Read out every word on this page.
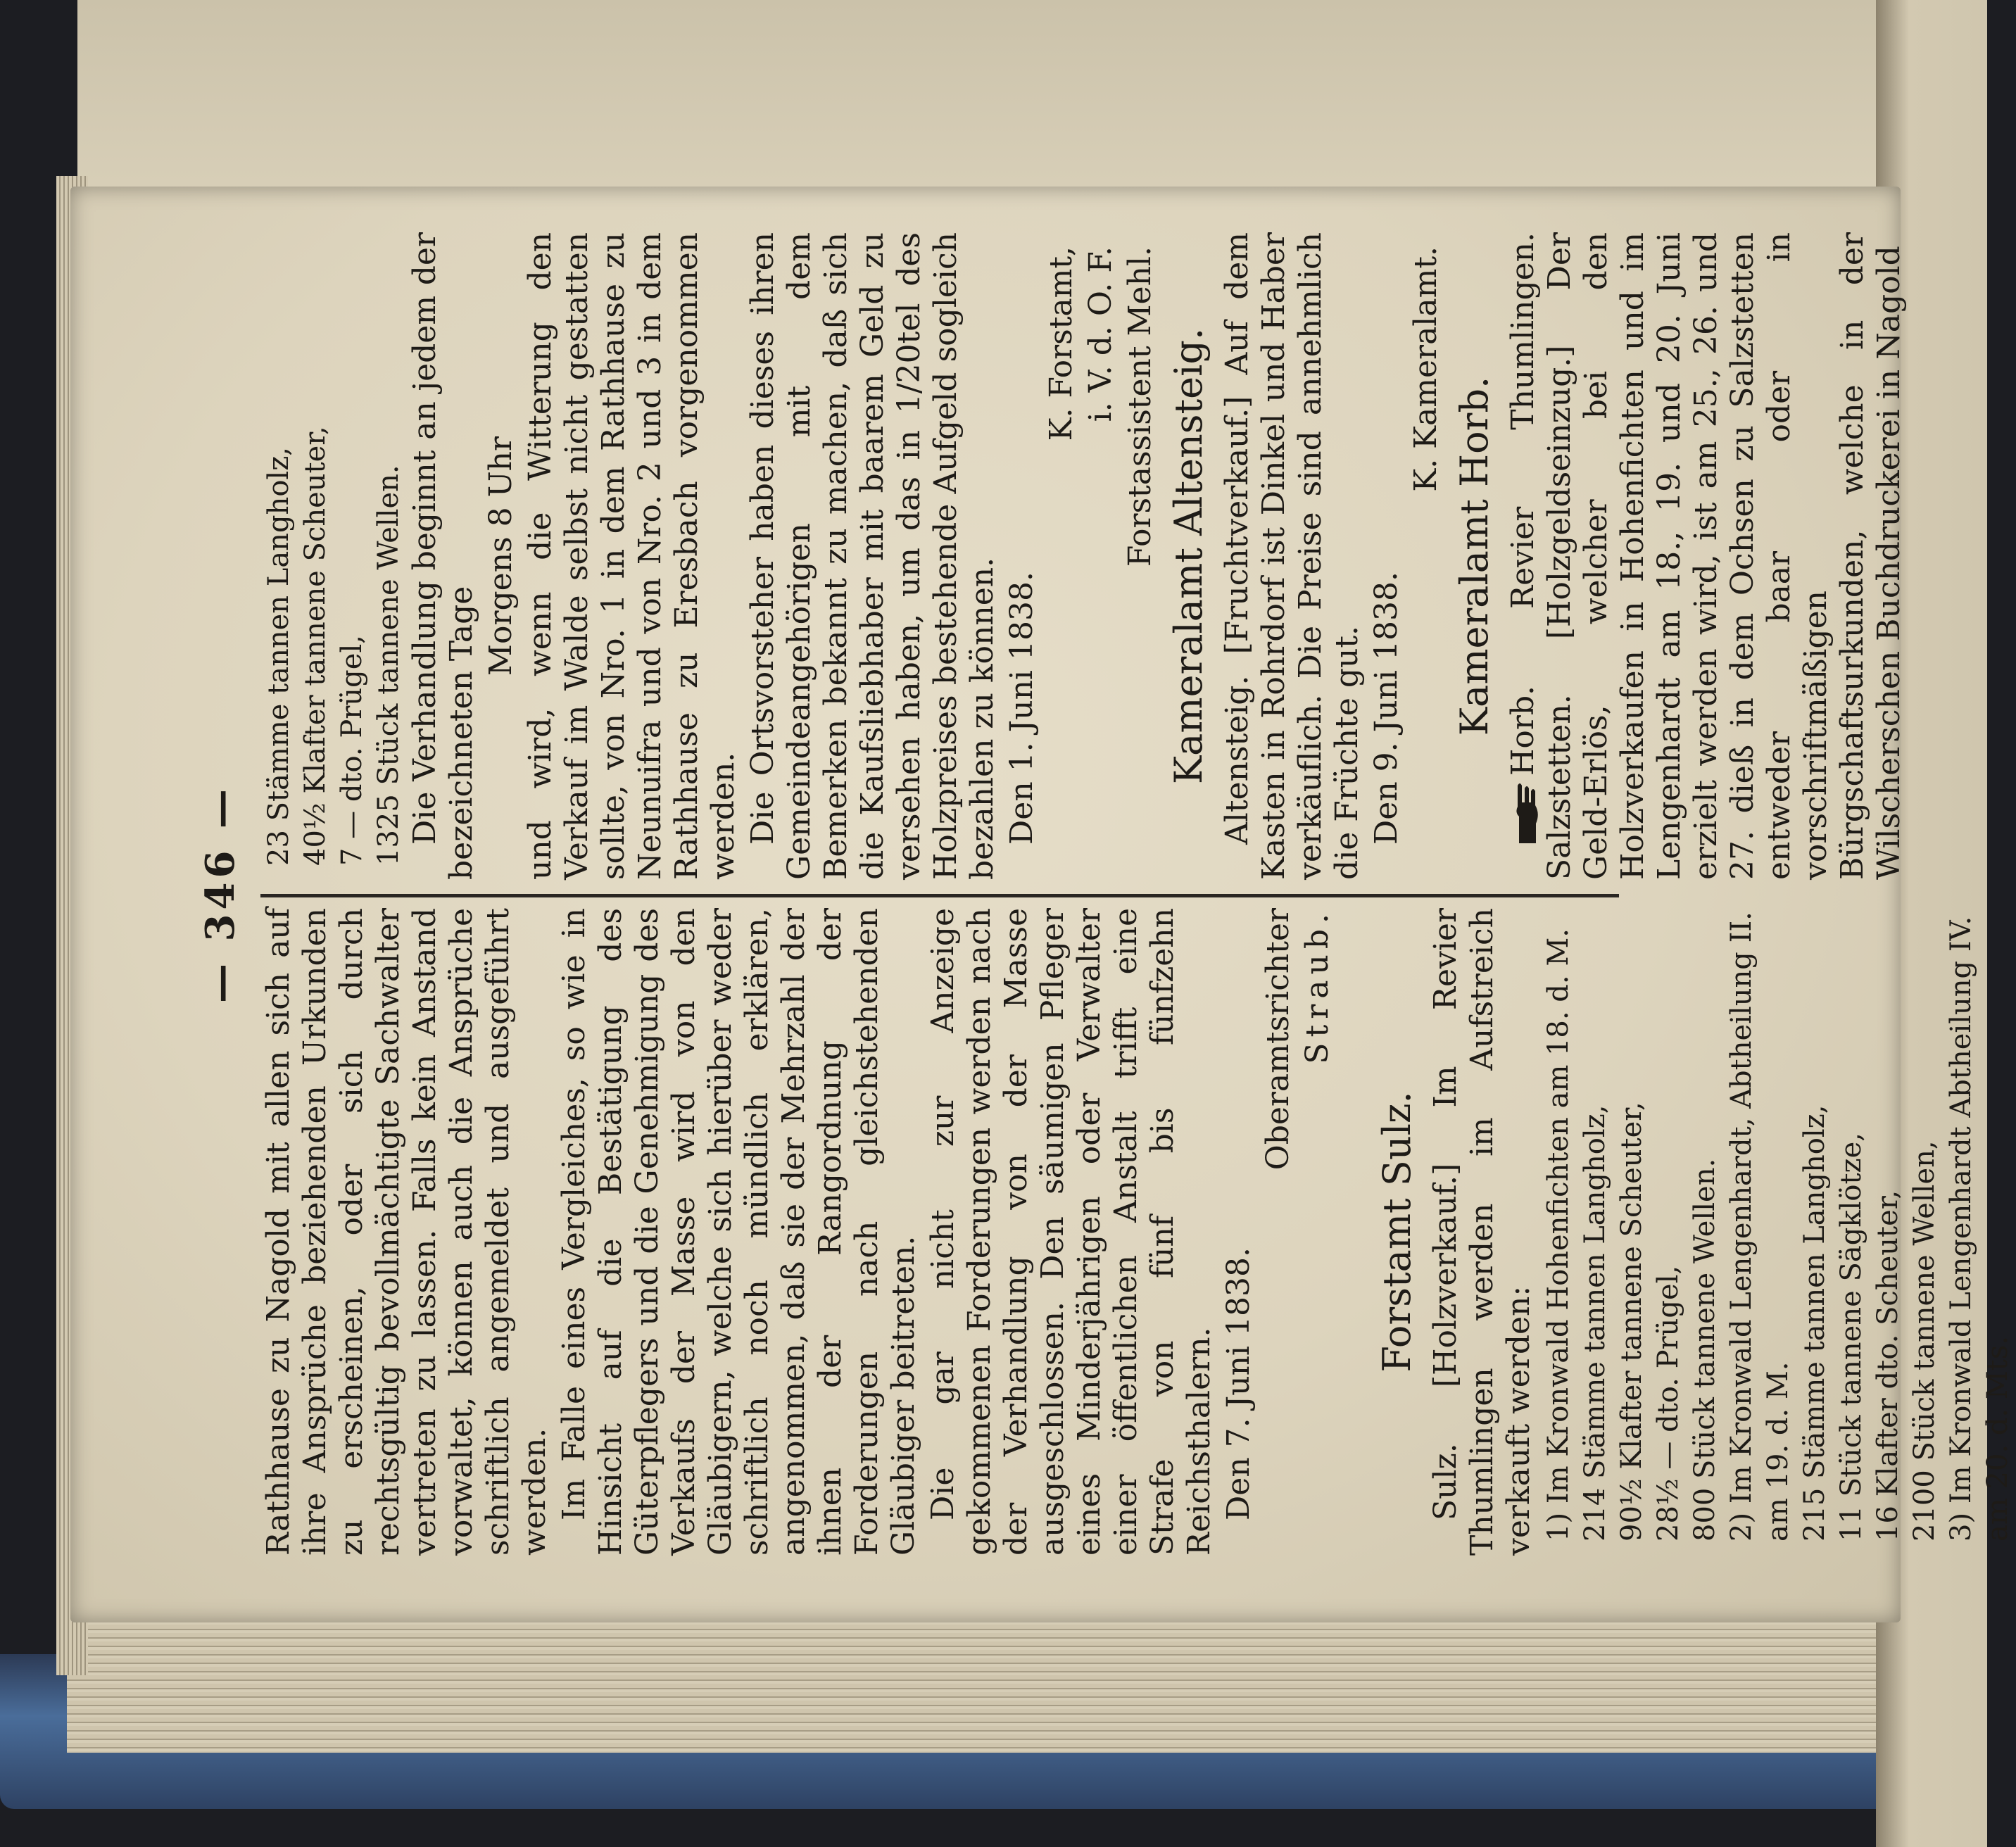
— 346 —

Rathhause zu Nagold mit allen sich auf ihre Ansprüche beziehenden Urkunden zu erscheinen, oder sich durch rechtsgültig bevollmächtigte Sachwalter vertreten zu lassen. Falls kein Anstand vorwaltet, können auch die Ansprüche schriftlich angemeldet und ausgeführt werden. Im Falle eines Vergleiches, so wie in Hinsicht auf die Bestätigung des Güterpflegers und die Genehmigung des Verkaufs der Masse wird von den Gläubigern, welche sich hierüber weder schriftlich noch mündlich erklären, angenommen, daß sie der Mehrzahl der ihnen der Rangordnung der Forderungen nach gleichstehenden Gläubiger beitreten. Die gar nicht zur Anzeige gekommenen Forderungen werden nach der Verhandlung von der Masse ausgeschlossen. Den säumigen Pfleger eines Minderjährigen oder Verwalter einer öffentlichen Anstalt trifft eine Strafe von fünf bis fünfzehn Reichsthalern. Den 7. Juni 1838.

Oberamtsrichter Straub.

Forstamt Sulz. Sulz. [Holzverkauf.] Im Revier Thumlingen werden im Aufstreich verkauft werden: 1) Im Kronwald Hohenfichten am 18. d. M. 214 Stämme tannen Langholz, 90½ Klafter tannene Scheuter, 28½ — dto. Prügel, 800 Stück tannene Wellen. 2) Im Kronwald Lengenhardt, Abtheilung II. am 19. d. M. 215 Stämme tannen Langholz, 11 Stück tannene Sägklötze, 16 Klafter dto. Scheuter, 2100 Stück tannene Wellen, 3) Im Kronwald Lengenhardt Abtheilung IV. am 20. d. Mts.
23 Stämme tannen Langholz, 40½ Klafter tannene Scheuter, 7 — dto. Prügel, 1325 Stück tannene Wellen. Die Verhandlung beginnt an jedem der bezeichneten Tage

Morgens 8 Uhr und wird, wenn die Witterung den Verkauf im Walde selbst nicht gestatten sollte, von Nro. 1 in dem Rathhause zu Neunuifra und von Nro. 2 und 3 in dem Rathhause zu Eresbach vorgenommen werden. Die Ortsvorsteher haben dieses ihren Gemeindeangehörigen mit dem Bemerken bekannt zu machen, daß sich die Kaufsliebhaber mit baarem Geld zu versehen haben, um das in 1/20tel des Holzpreises bestehende Aufgeld sogleich bezahlen zu können. Den 1. Juni 1838.

K. Forstamt, i. V. d. O. F. Forstassistent Mehl. Kameralamt Altensteig. Altensteig. [Fruchtverkauf.] Auf dem Kasten in Rohrdorf ist Dinkel und Haber verkäuflich. Die Preise sind annehmlich die Früchte gut. Den 9. Juni 1838.

K. Kameralamt.

Kameralamt Horb. Horb. Revier Thumlingen. Salzstetten. [Holzgeldseinzug.] Der Geld-Erlös, welcher bei den Holzverkaufen in Hohenfichten und im Lengenhardt am 18., 19. und 20. Juni erzielt werden wird, ist am 25., 26. und 27. dieß in dem Ochsen zu Salzstetten entweder baar oder in vorschriftmäßigen Bürgschaftsurkunden, welche in der Wilscherschen Buchdruckerei in Nagold
